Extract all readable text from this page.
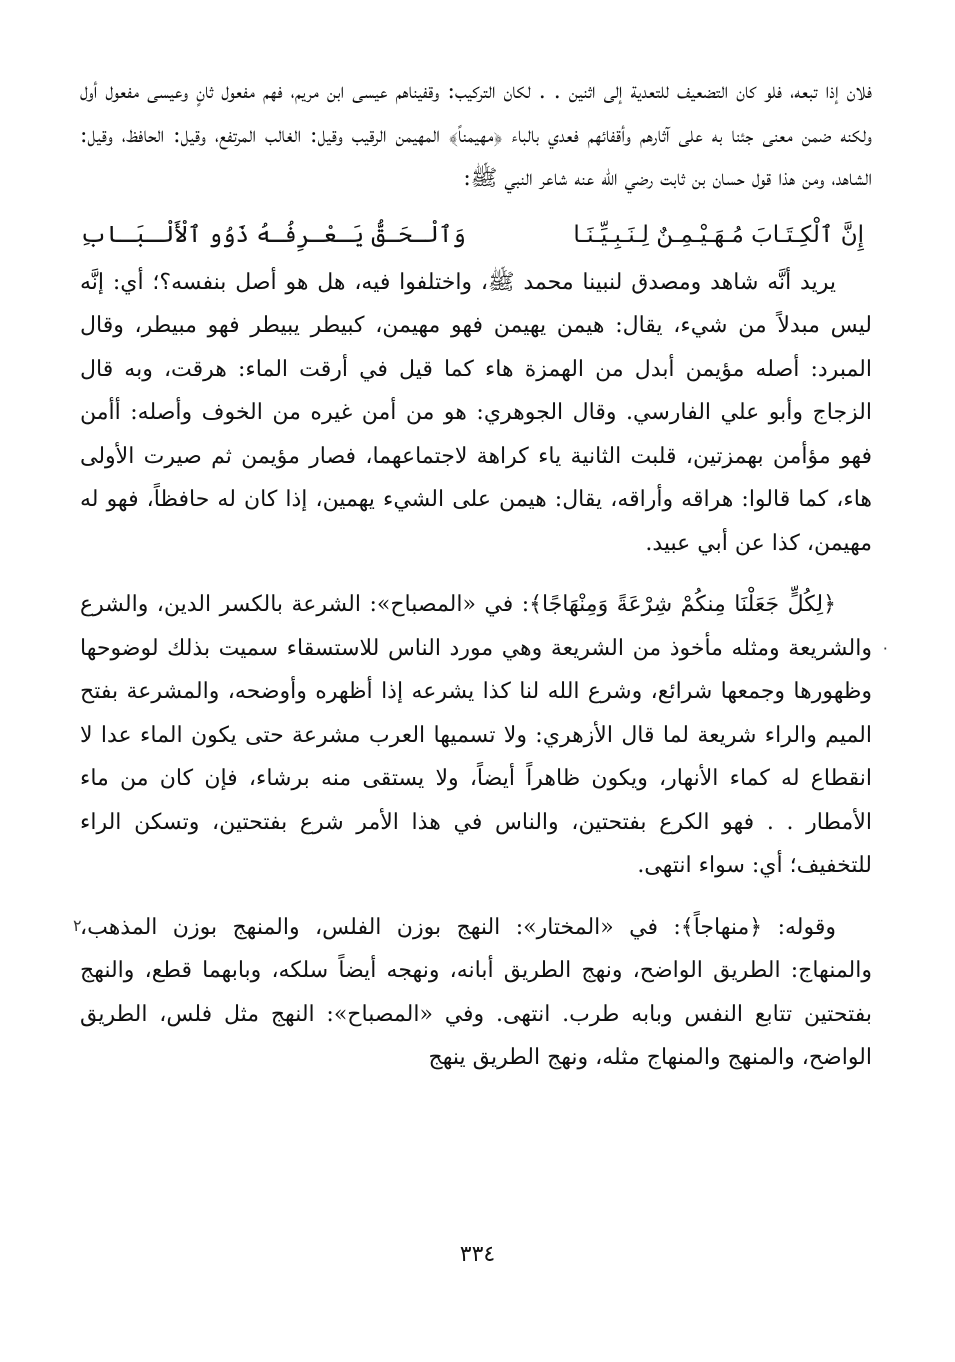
فلان إذا تبعه، فلو كان التضعيف للتعدية إلى اثنين . . لكان التركيب: وقفيناهم عيسى ابن مريم، فهم مفعول ثانٍ وعيسى مفعول أول ولكنه ضمن معنى جئنا به على آثارهم وأقفائهم فعدي بالباء ﴿مهيمناً﴾ المهيمن الرقيب وقيل: الغالب المرتفع، وقيل: الحافظ، وقيل: الشاهد، ومن هذا قول حسان بن ثابت رضي الله عنه شاعر النبي ﷺ:

إِنَّ ٱلْكِـتَـابَ مُـهَـيْـمِـنٌ لِـنَـبِـيِّـنَـا
وَٱلْـحَـقُّ يَـعْـرِفُـهُ ذَوُو ٱلْأَلْـبَـابِ

يريد أنَّه شاهد ومصدق لنبينا محمد ﷺ، واختلفوا فيه، هل هو أصل بنفسه؟؛ أي: إنَّه ليس مبدلاً من شيء، يقال: هيمن يهيمن فهو مهيمن، كبيطر يبيطر فهو مبيطر، وقال المبرد: أصله مؤيمن أبدل من الهمزة هاء كما قيل في أرقت الماء: هرقت، وبه قال الزجاج وأبو علي الفارسي. وقال الجوهري: هو من أمن غيره من الخوف وأصله: أأمن فهو مؤأمن بهمزتين، قلبت الثانية ياء كراهة لاجتماعهما، فصار مؤيمن ثم صيرت الأولى هاء، كما قالوا: هراقه وأراقه، يقال: هيمن على الشيء يهمين، إذا كان له حافظاً، فهو له مهيمن، كذا عن أبي عبيد.

﴿لِكُلٍّ جَعَلْنَا مِنكُمْ شِرْعَةً وَمِنْهَاجًا﴾: في «المصباح»: الشرعة بالكسر الدين، والشرع والشريعة ومثله مأخوذ من الشريعة وهي مورد الناس للاستسقاء سميت بذلك لوضوحها وظهورها وجمعها شرائع، وشرع الله لنا كذا يشرعه إذا أظهره وأوضحه، والمشرعة بفتح الميم والراء شريعة لما قال الأزهري: ولا تسميها العرب مشرعة حتى يكون الماء عدا لا انقطاع له كماء الأنهار، ويكون ظاهراً أيضاً، ولا يستقى منه برشاء، فإن كان من ماء الأمطار . . فهو الكرع بفتحتين، والناس في هذا الأمر شرع بفتحتين، وتسكن الراء للتخفيف؛ أي: سواء انتهى.

وقوله: ﴿منهاجاً﴾: في «المختار»: النهج بوزن الفلس، والمنهج بوزن المذهب، والمنهاج: الطريق الواضح، ونهج الطريق أبانه، ونهجه أيضاً سلكه، وبابهما قطع، والنهج بفتحتين تتابع النفس وبابه طرب. انتهى. وفي «المصباح»: النهج مثل فلس، الطريق الواضح، والمنهج والمنهاج مثله، ونهج الطريق ينهج

٠
٢
٣٣٤
